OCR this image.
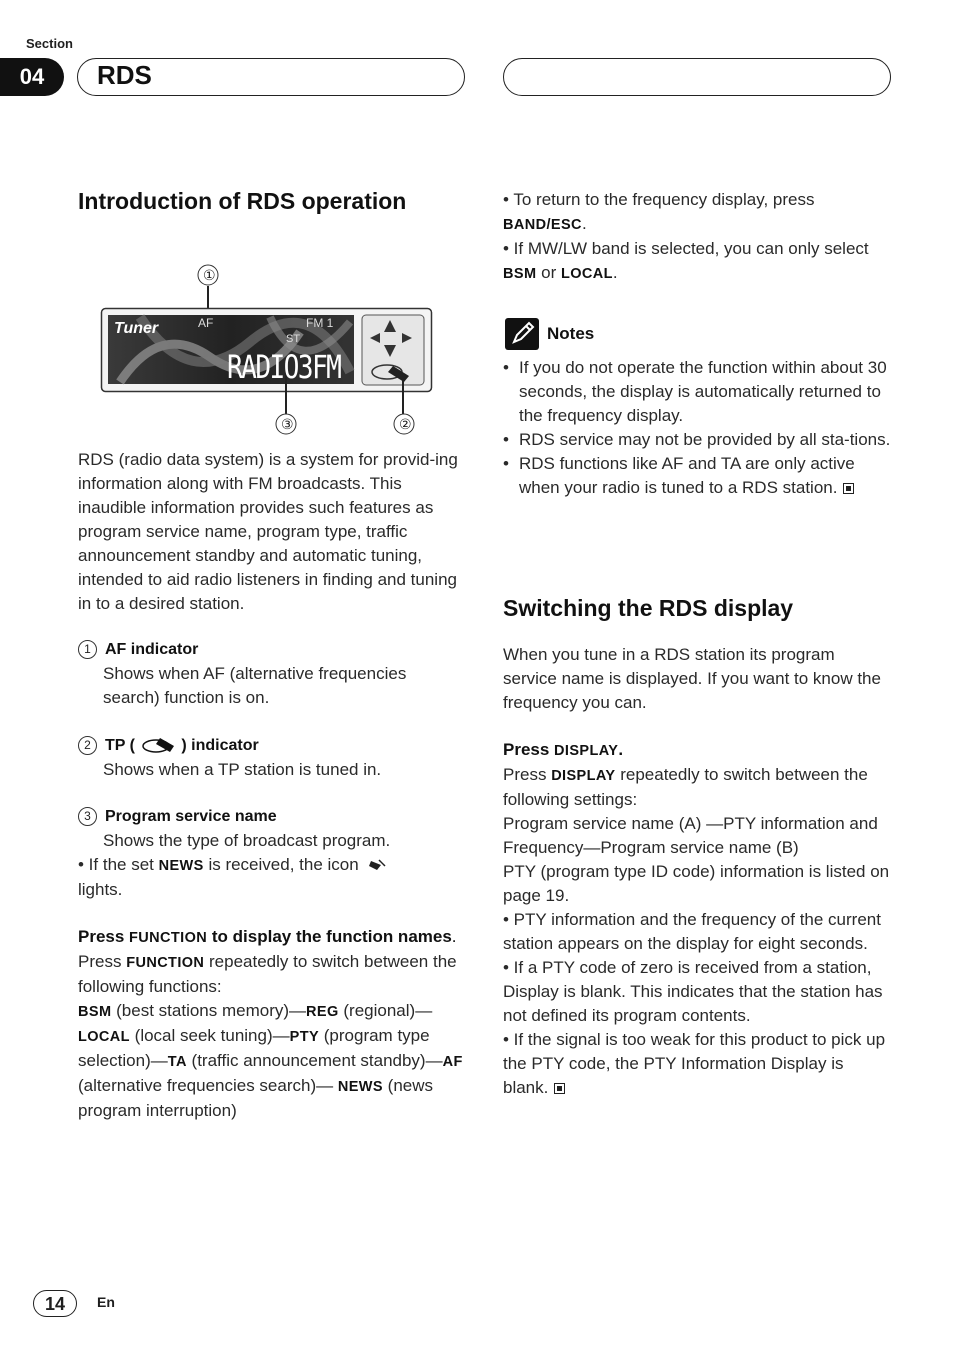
Section
04	RDS
Introduction of RDS operation
①
③	②
Tuner	AF
ST
FM 1
RADIO3FM
RDS (radio data system) is a system for provid-ing information along with FM broadcasts. This inaudible information provides such features as program service name, program type, traffic announcement standby and automatic tuning, intended to aid radio listeners in finding and tuning in to a desired station.
1 AF indicator
Shows when AF (alternative frequencies search) function is on.
2 TP (	) indicator
Shows when a TP station is tuned in.
3 Program service name
Shows the type of broadcast program.
• If the set NEWS is received, the icon
lights.

Press FUNCTION to display the function names.

Press FUNCTION repeatedly to switch between the following functions:

BSM (best stations memory)—REG (regional)— LOCAL (local seek tuning)—PTY (program type selection)—TA (traffic announcement standby)—AF (alternative frequencies search)— NEWS (news program interruption)

• To return to the frequency display, press
BAND/ESC.

• If MW/LW band is selected, you can only select BSM or LOCAL.

Notes
• If you do not operate the function within about 30 seconds, the display is automatically returned to the frequency display.
• RDS service may not be provided by all sta-tions.
• RDS functions like AF and TA are only active when your radio is tuned to a RDS station.
Switching the RDS display
When you tune in a RDS station its program service name is displayed. If you want to know the frequency you can.

Press DISPLAY.

Press DISPLAY repeatedly to switch between the following settings:

Program service name (A) —PTY information and Frequency—Program service name (B)

PTY (program type ID code) information is listed on page 19.

• PTY information and the frequency of the current station appears on the display for eight seconds.

• If a PTY code of zero is received from a station, Display is blank. This indicates that the station has not defined its program contents.

• If the signal is too weak for this product to pick up the PTY code, the PTY Information Display is blank.

14	En
